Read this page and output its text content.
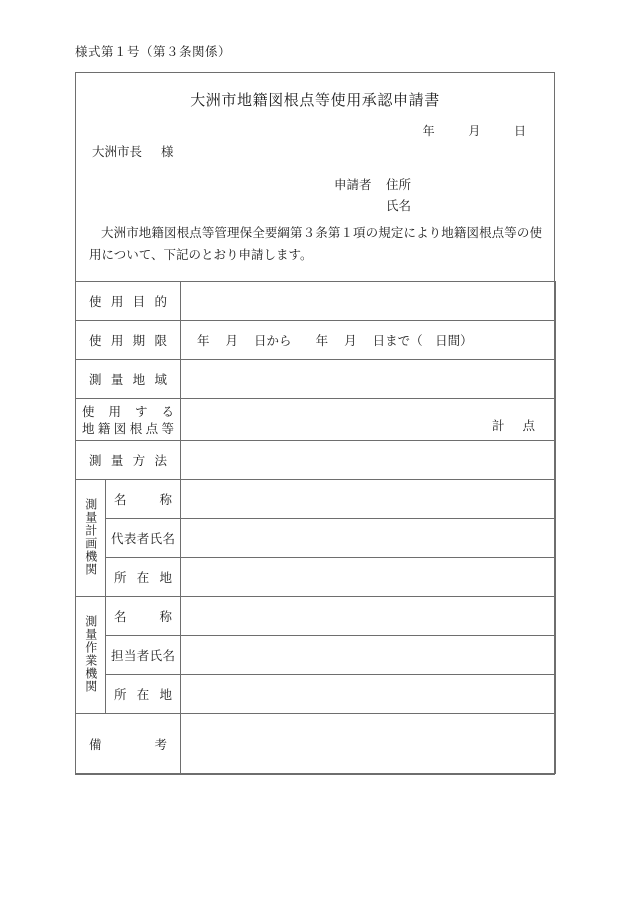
様式第１号（第３条関係）
大洲市地籍図根点等使用承認申請書
年	月	日
大洲市長 様
申請者 住所
氏名
大洲市地籍図根点等管理保全要綱第３条第１項の規定により地籍図根点等の使用について、下記のとおり申請します。
使用目的		
使用期限		年 月 日から 年 月 日まで（　日間）
測量地域		

使用する
地籍図根点等		計 点

測量方法		
測量計画機関	名称	
	代表者氏名	
	所在地	
測量作業機関	名称	
	担当者氏名	
	所在地	
備考		
